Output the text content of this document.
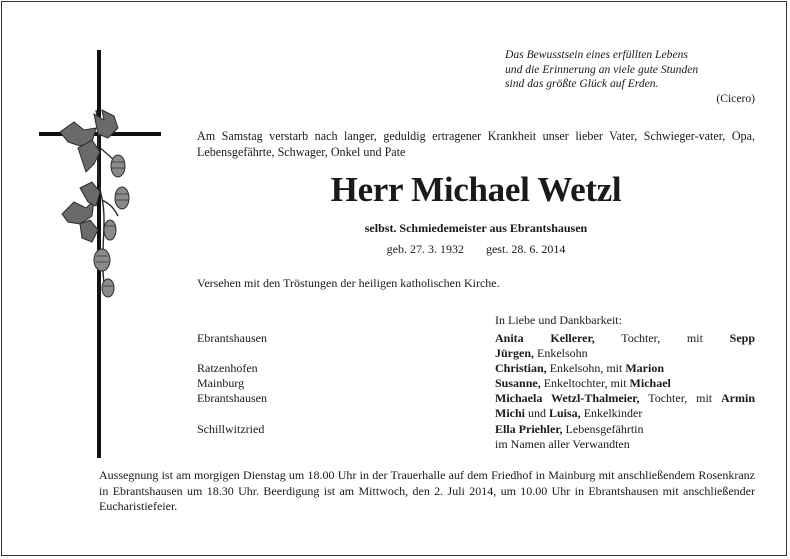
Das Bewusstsein eines erfüllten Lebens
und die Erinnerung an viele gute Stunden
sind das größte Glück auf Erden.
(Cicero)
Am Samstag verstarb nach langer, geduldig ertragener Krankheit unser lieber Vater, Schwieger-vater, Opa, Lebensgefährte, Schwager, Onkel und Pate
Herr Michael Wetzl
selbst. Schmiedemeister aus Ebrantshausen
geb. 27. 3. 1932 gest. 28. 6. 2014
Versehen mit den Tröstungen der heiligen katholischen Kirche.
In Liebe und Dankbarkeit:
Ebrantshausen
Ratzenhofen
Mainburg
Ebrantshausen
Schillwitzried
Anita Kellerer, Tochter, mit Sepp
Jürgen, Enkelsohn
Christian, Enkelsohn, mit Marion
Susanne, Enkeltochter, mit Michael
Michaela Wetzl-Thalmeier, Tochter, mit Armin
Michi und Luisa, Enkelkinder
Ella Priehler, Lebensgefährtin
im Namen aller Verwandten
Aussegnung ist am morgigen Dienstag um 18.00 Uhr in der Trauerhalle auf dem Friedhof in Mainburg mit anschließendem Rosenkranz in Ebrantshausen um 18.30 Uhr. Beerdigung ist am Mittwoch, den 2. Juli 2014, um 10.00 Uhr in Ebrantshausen mit anschließender Eucharistiefeier.
